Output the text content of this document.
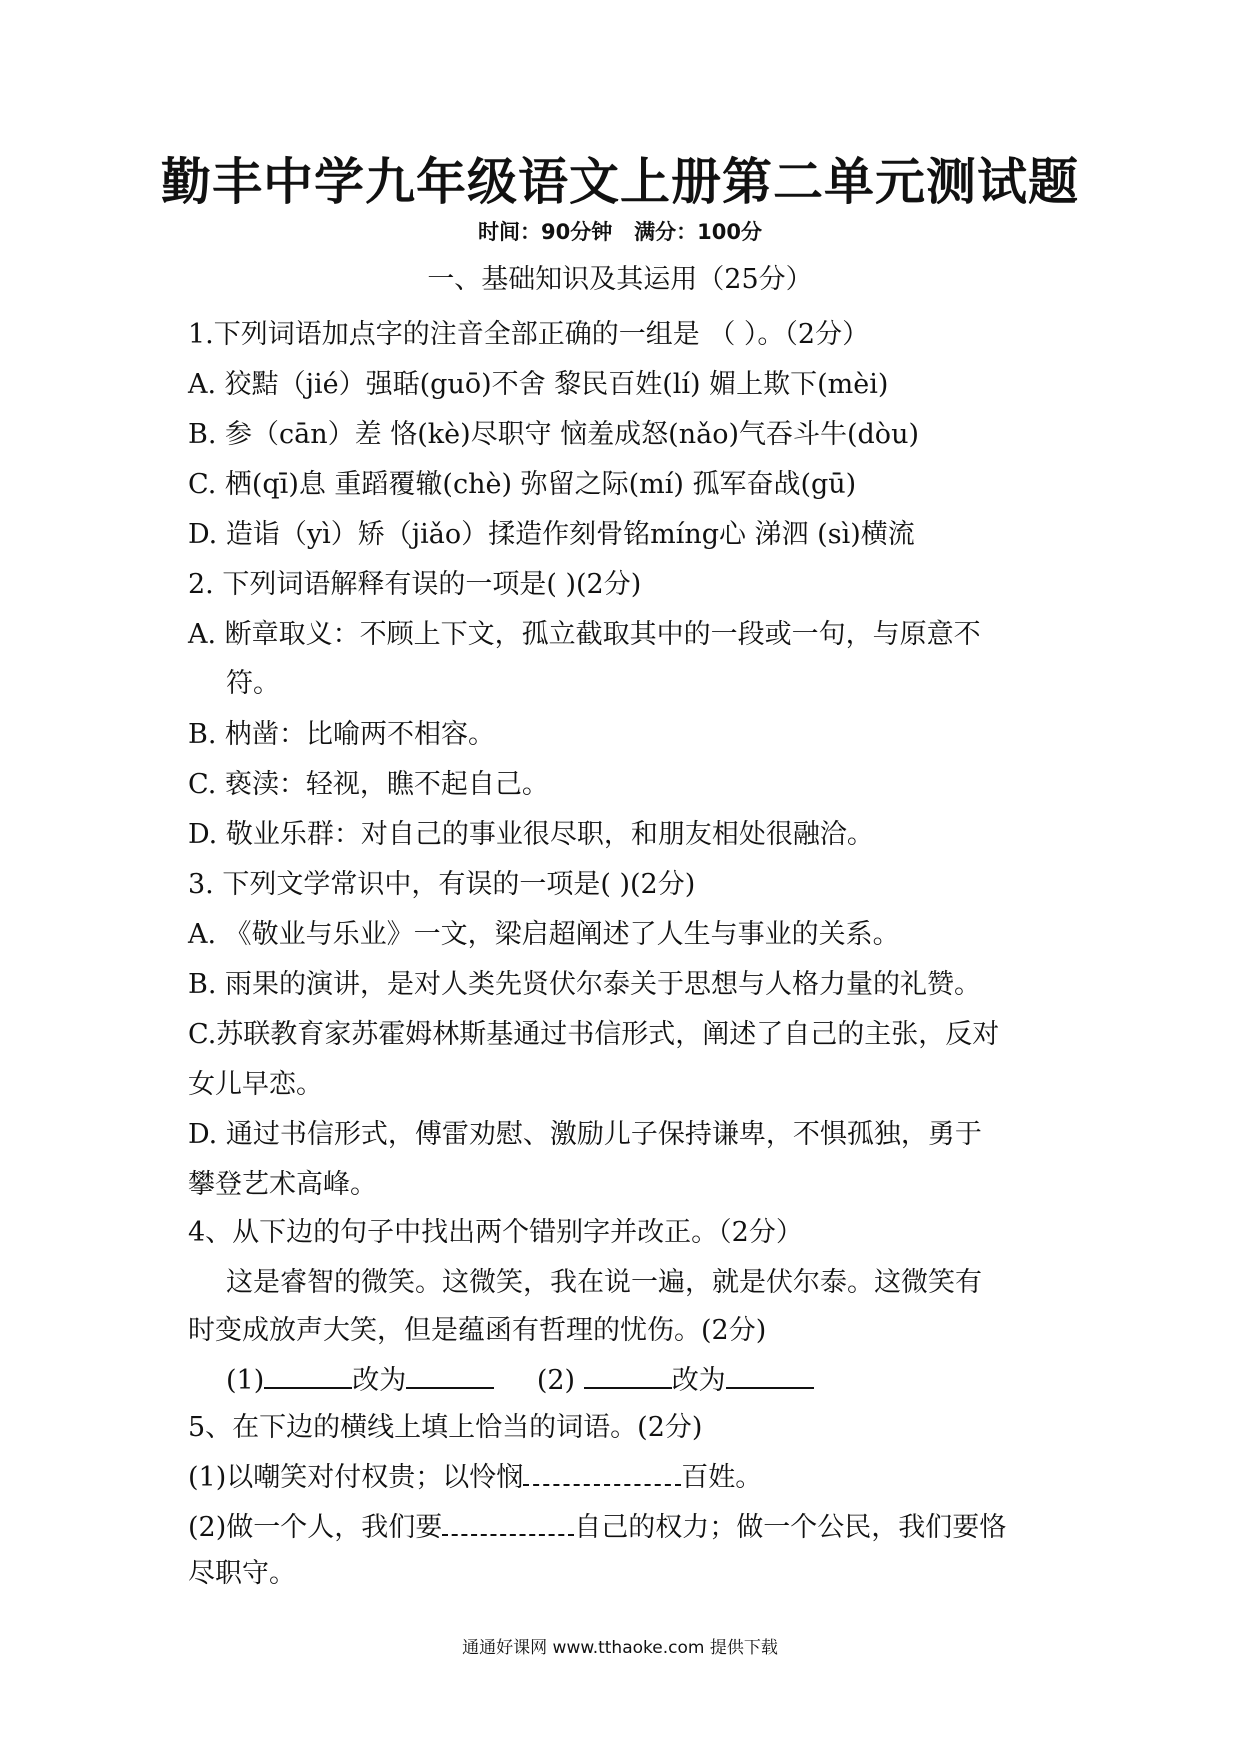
勤丰中学九年级语文上册第二单元测试题
时间：90分钟   满分：100分
一、基础知识及其运用（25分）
1.下列词语加点字的注音全部正确的一组是 （ ）。（2分）
A. 狡黠（jié）强聒(guō)不舍 黎民百姓(lí) 媚上欺下(mèi)
B. 参（cān）差 恪(kè)尽职守 恼羞成怒(nǎo)气吞斗牛(dòu)
C. 栖(qī)息 重蹈覆辙(chè) 弥留之际(mí) 孤军奋战(gū)
D. 造诣（yì）矫（jiǎo）揉造作刻骨铭míng心 涕泗 (sì)横流
2. 下列词语解释有误的一项是( )(2分)
A. 断章取义：不顾上下文，孤立截取其中的一段或一句，与原意不
符。
B. 枘凿：比喻两不相容。
C. 亵渎：轻视，瞧不起自己。
D. 敬业乐群：对自己的事业很尽职，和朋友相处很融洽。
3. 下列文学常识中，有误的一项是( )(2分)
A. 《敬业与乐业》一文，梁启超阐述了人生与事业的关系。
B. 雨果的演讲，是对人类先贤伏尔泰关于思想与人格力量的礼赞。
C.苏联教育家苏霍姆林斯基通过书信形式，阐述了自己的主张，反对
女儿早恋。
D. 通过书信形式，傅雷劝慰、激励儿子保持谦卑，不惧孤独，勇于
攀登艺术高峰。
4、从下边的句子中找出两个错别字并改正。（2分）
这是睿智的微笑。这微笑，我在说一遍，就是伏尔泰。这微笑有
时变成放声大笑，但是蕴函有哲理的忧伤。(2分)
(1)	改为	(2)	改为
5、在下边的横线上填上恰当的词语。(2分)
(1)以嘲笑对付权贵；以怜悯	百姓。
(2)做一个人，我们要	自己的权力；做一个公民，我们要恪
尽职守。
通通好课网 www.tthaoke.com 提供下载
